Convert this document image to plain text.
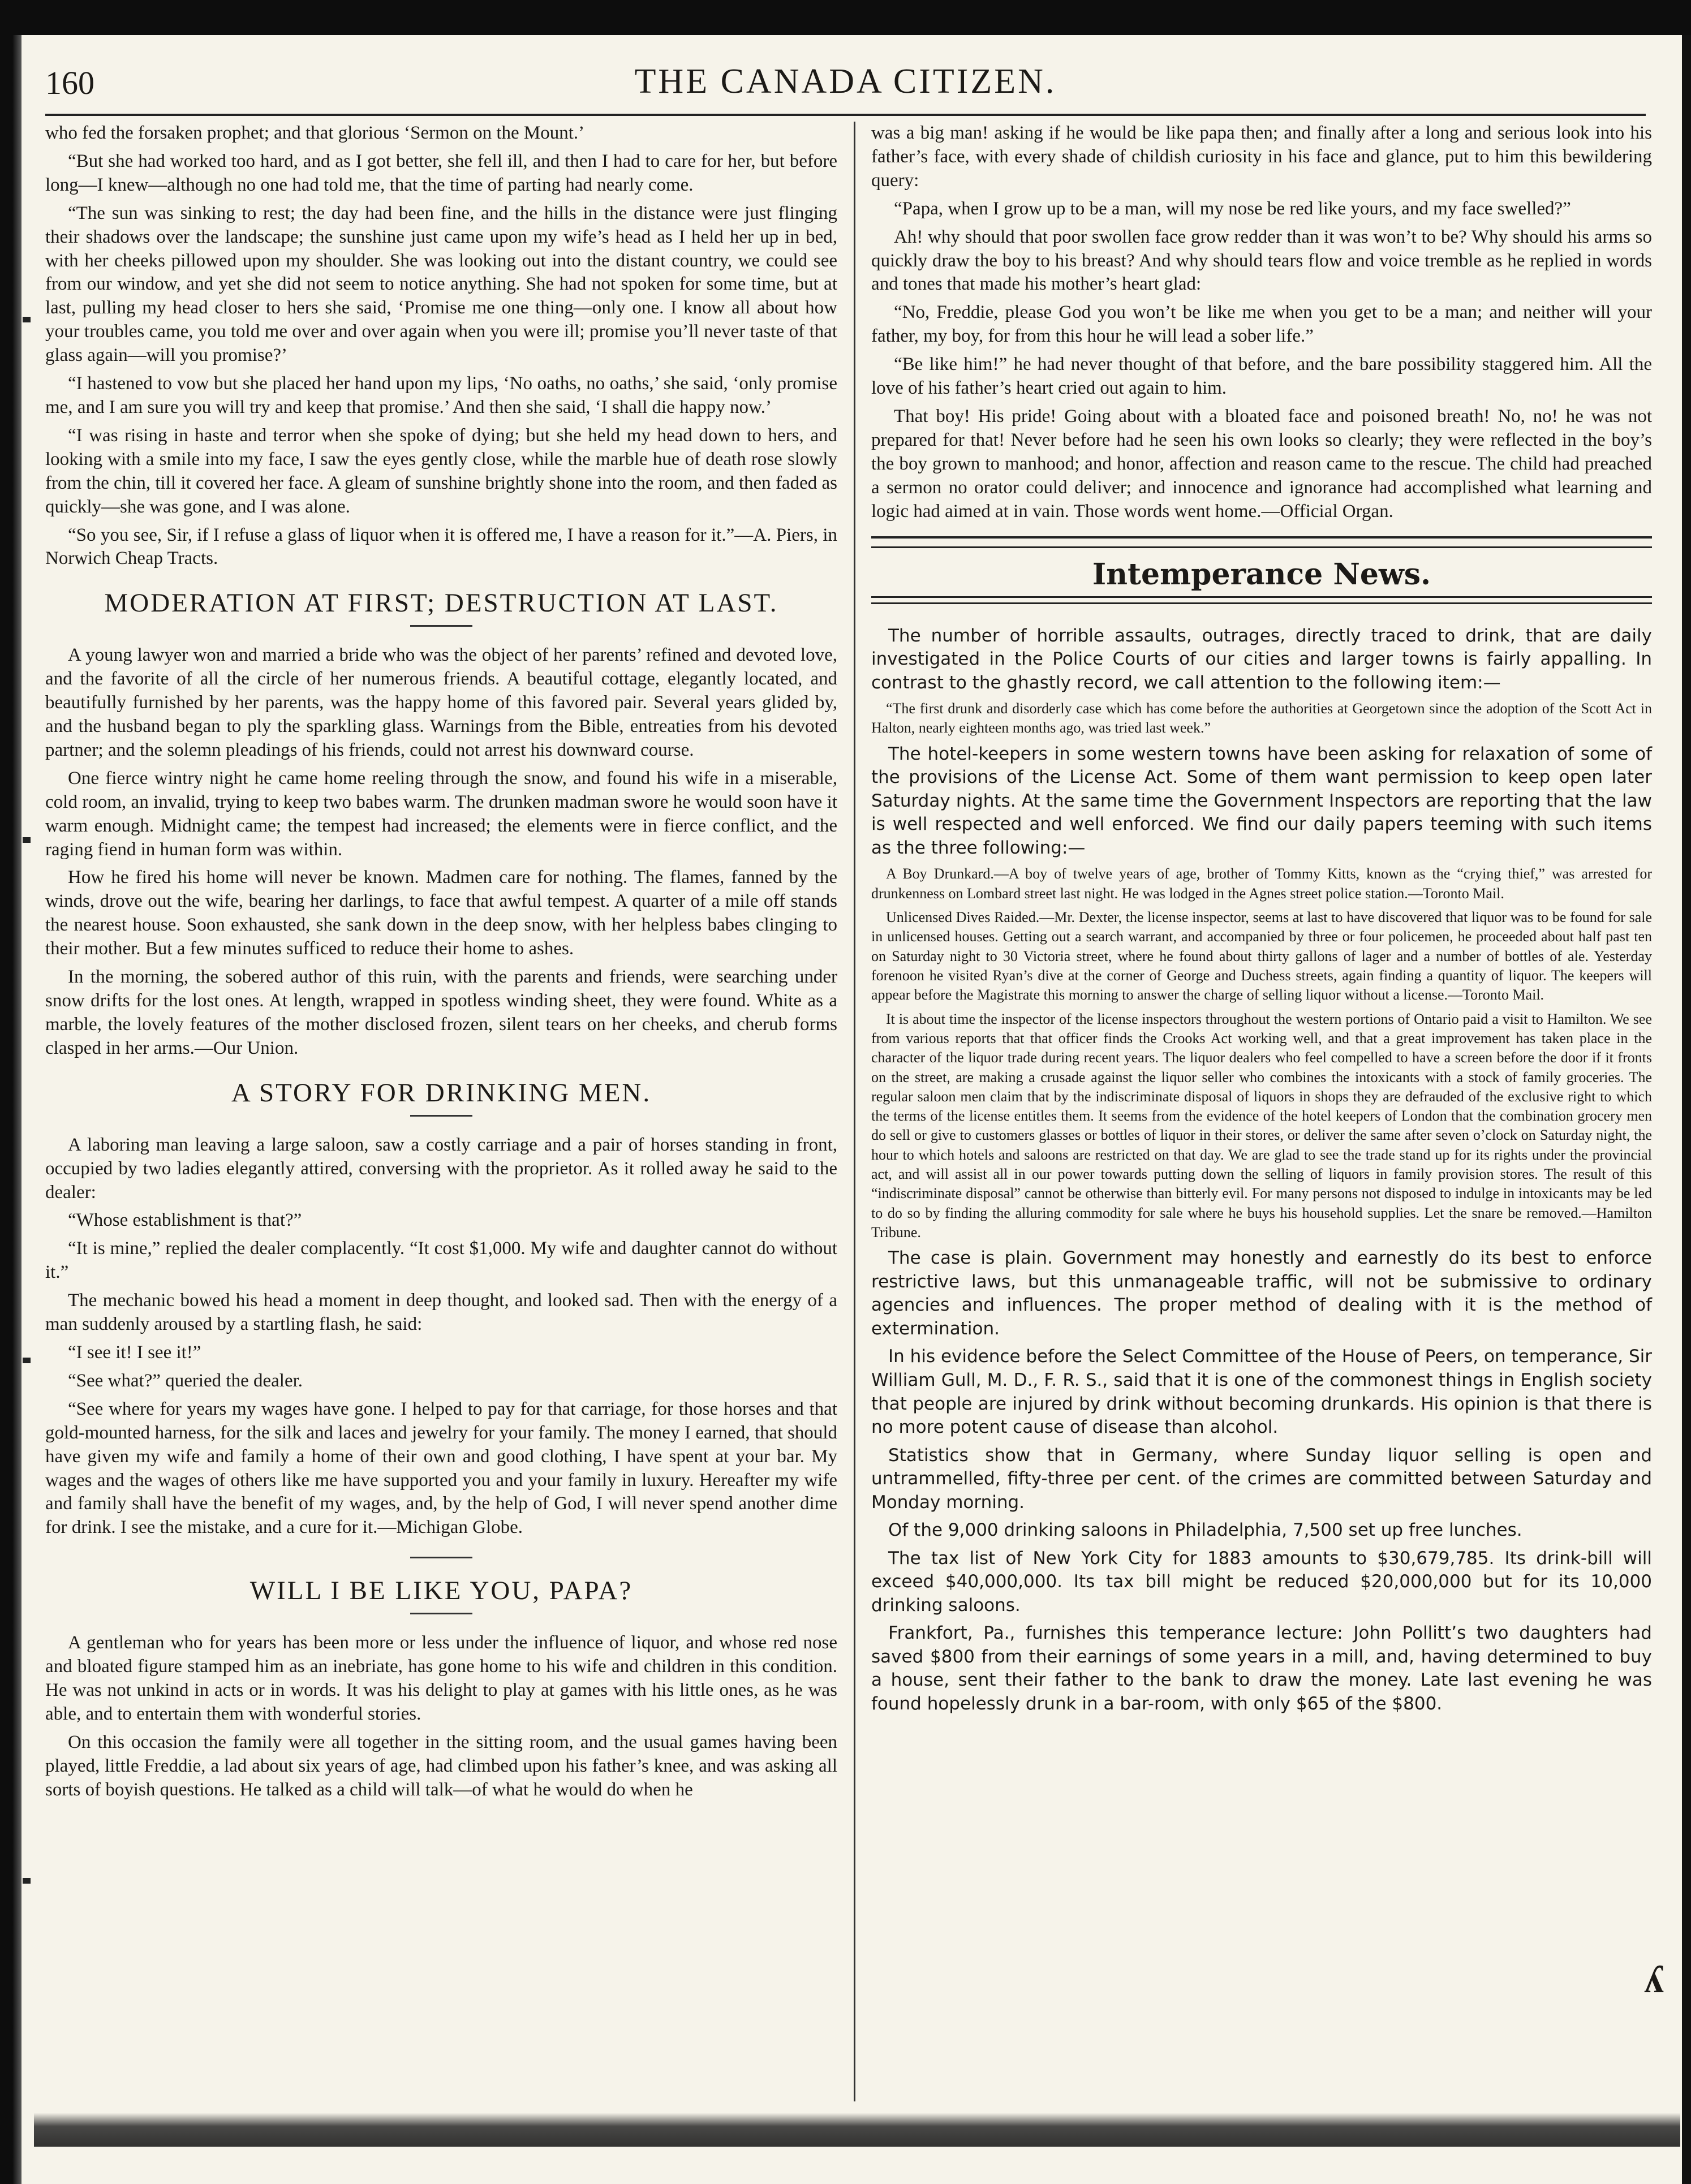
ʎ
160	THE CANADA CITIZEN.

who fed the forsaken prophet; and that glorious ‘Sermon on the Mount.’

“But she had worked too hard, and as I got better, she fell ill, and then I had to care for her, but before long—I knew—although no one had told me, that the time of parting had nearly come.

“The sun was sinking to rest; the day had been fine, and the hills in the distance were just flinging their shadows over the landscape; the sunshine just came upon my wife’s head as I held her up in bed, with her cheeks pillowed upon my shoulder. She was looking out into the distant country, we could see from our window, and yet she did not seem to notice anything. She had not spoken for some time, but at last, pulling my head closer to hers she said, ‘Promise me one thing—only one. I know all about how your troubles came, you told me over and over again when you were ill; promise you’ll never taste of that glass again—will you promise?’

“I hastened to vow but she placed her hand upon my lips, ‘No oaths, no oaths,’ she said, ‘only promise me, and I am sure you will try and keep that promise.’ And then she said, ‘I shall die happy now.’

“I was rising in haste and terror when she spoke of dying; but she held my head down to hers, and looking with a smile into my face, I saw the eyes gently close, while the marble hue of death rose slowly from the chin, till it covered her face. A gleam of sunshine brightly shone into the room, and then faded as quickly—she was gone, and I was alone.

“So you see, Sir, if I refuse a glass of liquor when it is offered me, I have a reason for it.”—A. Piers, in Norwich Cheap Tracts.

MODERATION AT FIRST; DESTRUCTION AT LAST.

A young lawyer won and married a bride who was the object of her parents’ refined and devoted love, and the favorite of all the circle of her numerous friends. A beautiful cottage, elegantly located, and beautifully furnished by her parents, was the happy home of this favored pair. Several years glided by, and the husband began to ply the sparkling glass. Warnings from the Bible, entreaties from his devoted partner; and the solemn pleadings of his friends, could not arrest his downward course.

One fierce wintry night he came home reeling through the snow, and found his wife in a miserable, cold room, an invalid, trying to keep two babes warm. The drunken madman swore he would soon have it warm enough. Midnight came; the tempest had increased; the elements were in fierce conflict, and the raging fiend in human form was within.

How he fired his home will never be known. Madmen care for nothing. The flames, fanned by the winds, drove out the wife, bearing her darlings, to face that awful tempest. A quarter of a mile off stands the nearest house. Soon exhausted, she sank down in the deep snow, with her helpless babes clinging to their mother. But a few minutes sufficed to reduce their home to ashes.

In the morning, the sobered author of this ruin, with the parents and friends, were searching under snow drifts for the lost ones. At length, wrapped in spotless winding sheet, they were found. White as a marble, the lovely features of the mother disclosed frozen, silent tears on her cheeks, and cherub forms clasped in her arms.—Our Union.

A STORY FOR DRINKING MEN.

A laboring man leaving a large saloon, saw a costly carriage and a pair of horses standing in front, occupied by two ladies elegantly attired, conversing with the proprietor. As it rolled away he said to the dealer:

“Whose establishment is that?”

“It is mine,” replied the dealer complacently. “It cost $1,000. My wife and daughter cannot do without it.”

The mechanic bowed his head a moment in deep thought, and looked sad. Then with the energy of a man suddenly aroused by a startling flash, he said:

“I see it! I see it!”

“See what?” queried the dealer.

“See where for years my wages have gone. I helped to pay for that carriage, for those horses and that gold-mounted harness, for the silk and laces and jewelry for your family. The money I earned, that should have given my wife and family a home of their own and good clothing, I have spent at your bar. My wages and the wages of others like me have supported you and your family in luxury. Hereafter my wife and family shall have the benefit of my wages, and, by the help of God, I will never spend another dime for drink. I see the mistake, and a cure for it.—Michigan Globe.

WILL I BE LIKE YOU, PAPA?

A gentleman who for years has been more or less under the influence of liquor, and whose red nose and bloated figure stamped him as an inebriate, has gone home to his wife and children in this condition. He was not unkind in acts or in words. It was his delight to play at games with his little ones, as he was able, and to entertain them with wonderful stories.

On this occasion the family were all together in the sitting room, and the usual games having been played, little Freddie, a lad about six years of age, had climbed upon his father’s knee, and was asking all sorts of boyish questions. He talked as a child will talk—of what he would do when he

was a big man! asking if he would be like papa then; and finally after a long and serious look into his father’s face, with every shade of childish curiosity in his face and glance, put to him this bewildering query:

“Papa, when I grow up to be a man, will my nose be red like yours, and my face swelled?”

Ah! why should that poor swollen face grow redder than it was won’t to be? Why should his arms so quickly draw the boy to his breast? And why should tears flow and voice tremble as he replied in words and tones that made his mother’s heart glad:

“No, Freddie, please God you won’t be like me when you get to be a man; and neither will your father, my boy, for from this hour he will lead a sober life.”

“Be like him!” he had never thought of that before, and the bare possibility staggered him. All the love of his father’s heart cried out again to him.

That boy! His pride! Going about with a bloated face and poisoned breath! No, no! he was not prepared for that! Never before had he seen his own looks so clearly; they were reflected in the boy’s the boy grown to manhood; and honor, affection and reason came to the rescue. The child had preached a sermon no orator could deliver; and innocence and ignorance had accomplished what learning and logic had aimed at in vain. Those words went home.—Official Organ.

Intemperance News.

The number of horrible assaults, outrages, directly traced to drink, that are daily investigated in the Police Courts of our cities and larger towns is fairly appalling. In contrast to the ghastly record, we call attention to the following item:—

“The first drunk and disorderly case which has come before the authorities at Georgetown since the adoption of the Scott Act in Halton, nearly eighteen months ago, was tried last week.”

The hotel-keepers in some western towns have been asking for relaxation of some of the provisions of the License Act. Some of them want permission to keep open later Saturday nights. At the same time the Government Inspectors are reporting that the law is well respected and well enforced. We find our daily papers teeming with such items as the three following:—

A Boy Drunkard.—A boy of twelve years of age, brother of Tommy Kitts, known as the “crying thief,” was arrested for drunkenness on Lombard street last night. He was lodged in the Agnes street police station.—Toronto Mail.

Unlicensed Dives Raided.—Mr. Dexter, the license inspector, seems at last to have discovered that liquor was to be found for sale in unlicensed houses. Getting out a search warrant, and accompanied by three or four policemen, he proceeded about half past ten on Saturday night to 30 Victoria street, where he found about thirty gallons of lager and a number of bottles of ale. Yesterday forenoon he visited Ryan’s dive at the corner of George and Duchess streets, again finding a quantity of liquor. The keepers will appear before the Magistrate this morning to answer the charge of selling liquor without a license.—Toronto Mail.

It is about time the inspector of the license inspectors throughout the western portions of Ontario paid a visit to Hamilton. We see from various reports that that officer finds the Crooks Act working well, and that a great improvement has taken place in the character of the liquor trade during recent years. The liquor dealers who feel compelled to have a screen before the door if it fronts on the street, are making a crusade against the liquor seller who combines the intoxicants with a stock of family groceries. The regular saloon men claim that by the indiscriminate disposal of liquors in shops they are defrauded of the exclusive right to which the terms of the license entitles them. It seems from the evidence of the hotel keepers of London that the combination grocery men do sell or give to customers glasses or bottles of liquor in their stores, or deliver the same after seven o’clock on Saturday night, the hour to which hotels and saloons are restricted on that day. We are glad to see the trade stand up for its rights under the provincial act, and will assist all in our power towards putting down the selling of liquors in family provision stores. The result of this “indiscriminate disposal” cannot be otherwise than bitterly evil. For many persons not disposed to indulge in intoxicants may be led to do so by finding the alluring commodity for sale where he buys his household supplies. Let the snare be removed.—Hamilton Tribune.

The case is plain. Government may honestly and earnestly do its best to enforce restrictive laws, but this unmanageable traffic, will not be submissive to ordinary agencies and influences. The proper method of dealing with it is the method of extermination.

In his evidence before the Select Committee of the House of Peers, on temperance, Sir William Gull, M. D., F. R. S., said that it is one of the commonest things in English society that people are injured by drink without becoming drunkards. His opinion is that there is no more potent cause of disease than alcohol.

Statistics show that in Germany, where Sunday liquor selling is open and untrammelled, fifty-three per cent. of the crimes are committed between Saturday and Monday morning.

Of the 9,000 drinking saloons in Philadelphia, 7,500 set up free lunches.

The tax list of New York City for 1883 amounts to $30,679,785. Its drink-bill will exceed $40,000,000. Its tax bill might be reduced $20,000,000 but for its 10,000 drinking saloons.

Frankfort, Pa., furnishes this temperance lecture: John Pollitt’s two daughters had saved $800 from their earnings of some years in a mill, and, having determined to buy a house, sent their father to the bank to draw the money. Late last evening he was found hopelessly drunk in a bar-room, with only $65 of the $800.
